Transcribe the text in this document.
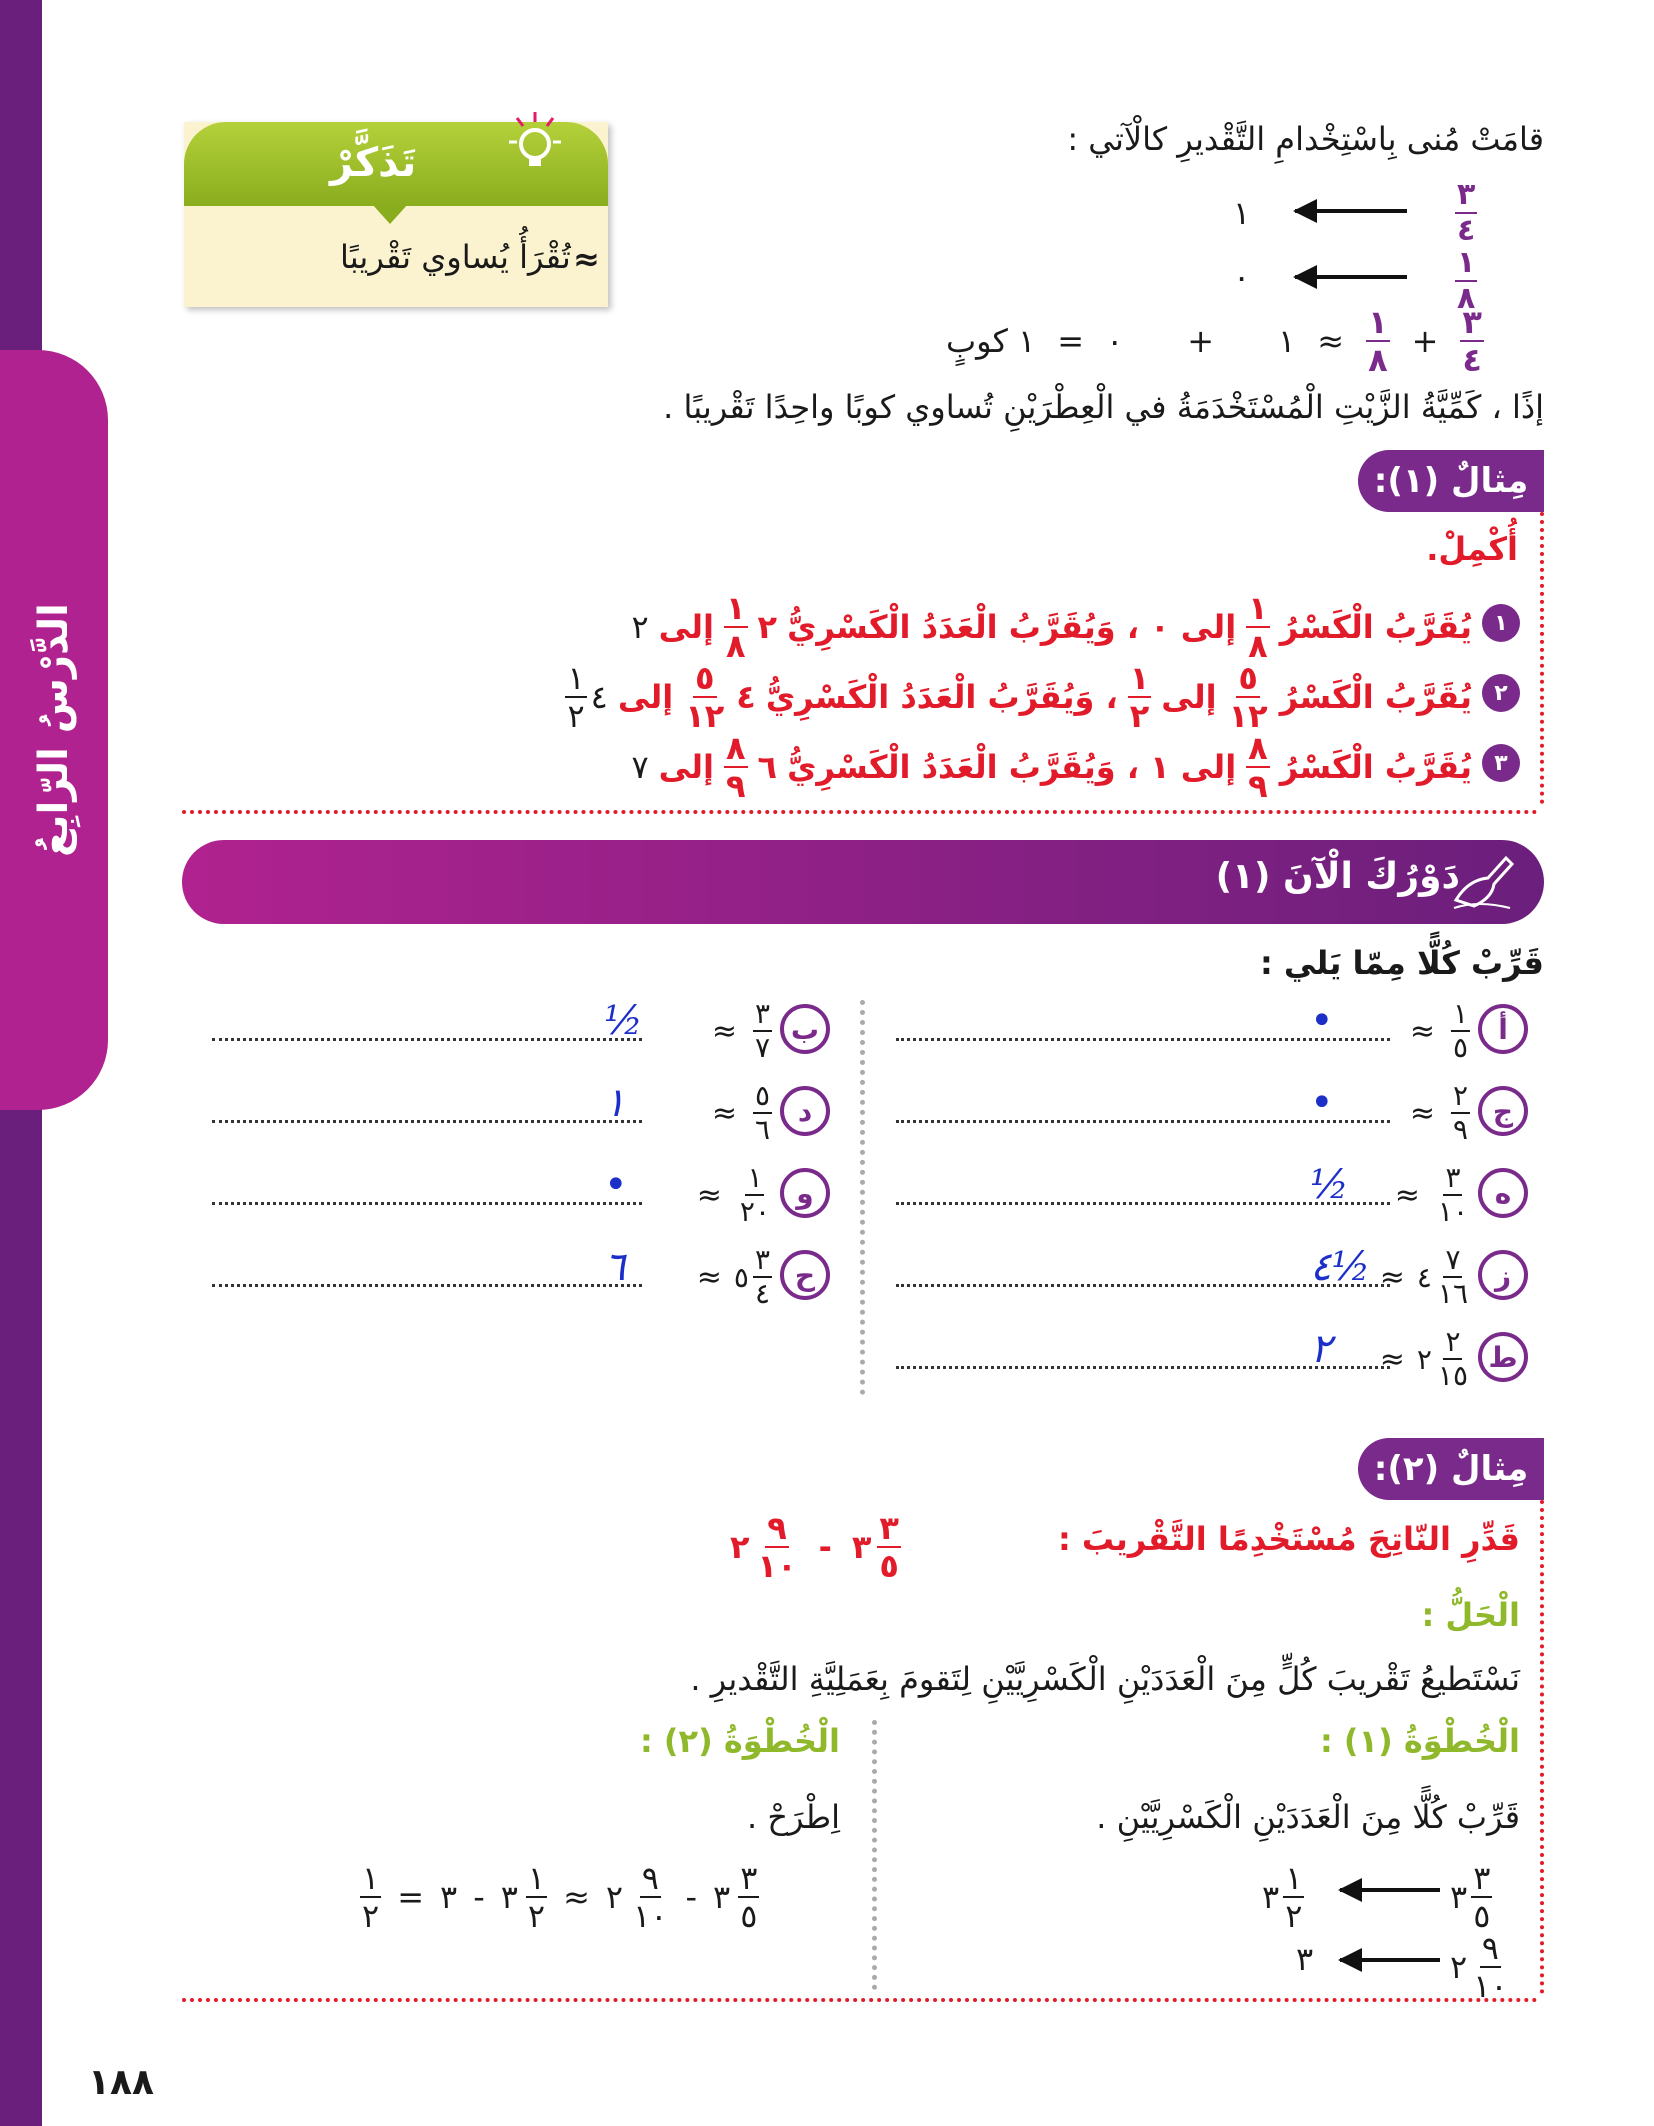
الدَّرْسُ الرّابِعُ
تَذَكَّرْ
تُقْرَأُ يُساوي تَقْريبًا ≈
قامَتْ مُنى بِاسْتِخْدامِ التَّقْديرِ كالْآتي :
٣
٤
١
١
٨
٠
١ كوبٍ = ٠ + ١ ≈ $\frac{١}{٨} + \frac{٣}{٤}$
إذًا ، كَمِّيَّةُ الزَّيْتِ الْمُسْتَخْدَمَةُ في الْعِطْرَيْنِ تُساوي كوبًا واحِدًا تَقْريبًا .
مِثالٌ (١):
أُكْمِلْ.
١
يُقَرَّبُ الْكَسْرُ
$\frac{١}{٨}$
إلى ٠ ، وَيُقَرَّبُ الْعَدَدُ الْكَسْرِيُّ
٢
$\frac{١}{٨}$
إلى
٢
٢
يُقَرَّبُ الْكَسْرُ
$\frac{٥}{١٢}$
إلى
$\frac{١}{٢}$
، وَيُقَرَّبُ الْعَدَدُ الْكَسْرِيُّ
٤
$\frac{٥}{١٢}$
إلى
٤
$\frac{١}{٢}$
٣
يُقَرَّبُ الْكَسْرُ
$\frac{٨}{٩}$
إلى ١ ، وَيُقَرَّبُ الْعَدَدُ الْكَسْرِيُّ
٦
$\frac{٨}{٩}$
إلى
٧
دَوْرُكَ الْآنَ (١)
قَرِّبْ كُلًّا مِمّا يَلي :
أ
≈ $\frac{١}{٥}$
•
ج
≈ $\frac{٢}{٩}$
•
ه
≈ $\frac{٣}{١٠}$
½
ز
≈ ٤ $\frac{٧}{١٦}$
٤½
ط
≈ ٢ $\frac{٢}{١٥}$
٢
ب
≈ $\frac{٣}{٧}$
½
د
≈ $\frac{٥}{٦}$
١
و
≈ $\frac{١}{٢٠}$
•
ح
≈ ٥ $\frac{٣}{٤}$
٦
مِثالٌ (٢):
قَدِّرِ النّاتِجَ مُسْتَخْدِمًا التَّقْريبَ :
٢ $\frac{٩}{١٠}$ - ٣ $\frac{٣}{٥}$
الْحَلُّ :
نَسْتَطيعُ تَقْريبَ كُلٍّ مِنَ الْعَدَدَيْنِ الْكَسْرِيَّيْنِ لِتَقومَ بِعَمَلِيَّةِ التَّقْديرِ .
الْخُطْوَةُ (١) :
قَرِّبْ كُلًّا مِنَ الْعَدَدَيْنِ الْكَسْرِيَّيْنِ .
٣ $\frac{٣}{٥}$
٣ $\frac{١}{٢}$
٢ $\frac{٩}{١٠}$
٣
الْخُطْوَةُ (٢) :
اِطْرَحْ .
$\frac{١}{٢}$ = ٣ - ٣ $\frac{١}{٢}$ ≈ ٢ $\frac{٩}{١٠}$ - ٣ $\frac{٣}{٥}$
١٨٨
